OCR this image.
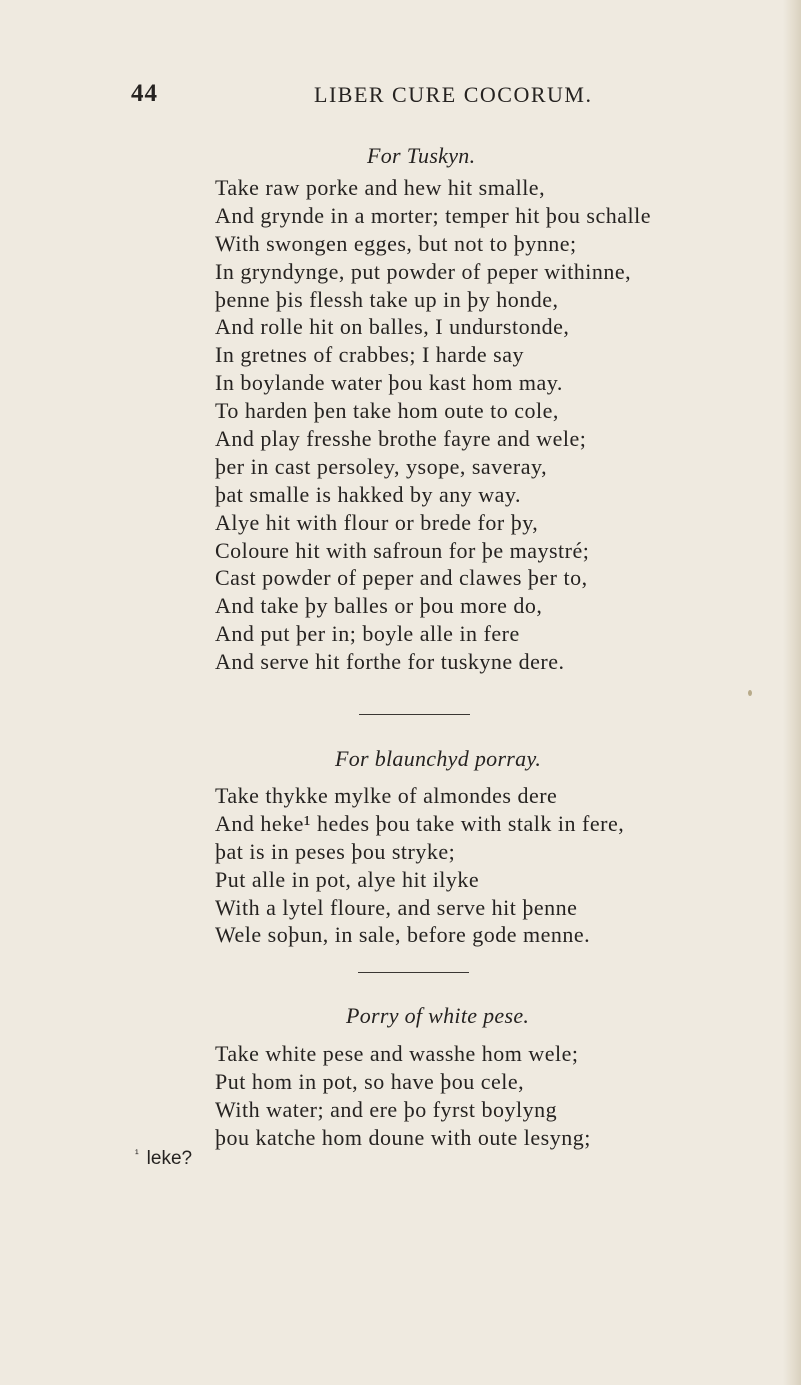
44	LIBER CURE COCORUM.
For Tuskyn.
Take raw porke and hew hit smalle,
And grynde in a morter; temper hit þou schalle
With swongen egges, but not to þynne;
In gryndynge, put powder of peper withinne,
þenne þis flessh take up in þy honde,
And rolle hit on balles, I undurstonde,
In gretnes of crabbes; I harde say
In boylande water þou kast hom may.
To harden þen take hom oute to cole,
And play fresshe brothe fayre and wele;
þer in cast persoley, ysope, saveray,
þat smalle is hakked by any way.
Alye hit with flour or brede for þy,
Coloure hit with safroun for þe maystré;
Cast powder of peper and clawes þer to,
And take þy balles or þou more do,
And put þer in; boyle alle in fere
And serve hit forthe for tuskyne dere.
For blaunchyd porray.
Take thykke mylke of almondes dere
And heke¹ hedes þou take with stalk in fere,
þat is in peses þou stryke;
Put alle in pot, alye hit ilyke
With a lytel floure, and serve hit þenne
Wele soþun, in sale, before gode menne.
Porry of white pese.
Take white pese and wasshe hom wele;
Put hom in pot, so have þou cele,
With water; and ere þo fyrst boylyng
þou katche hom doune with oute lesyng;
$^{^1}$ leke?
